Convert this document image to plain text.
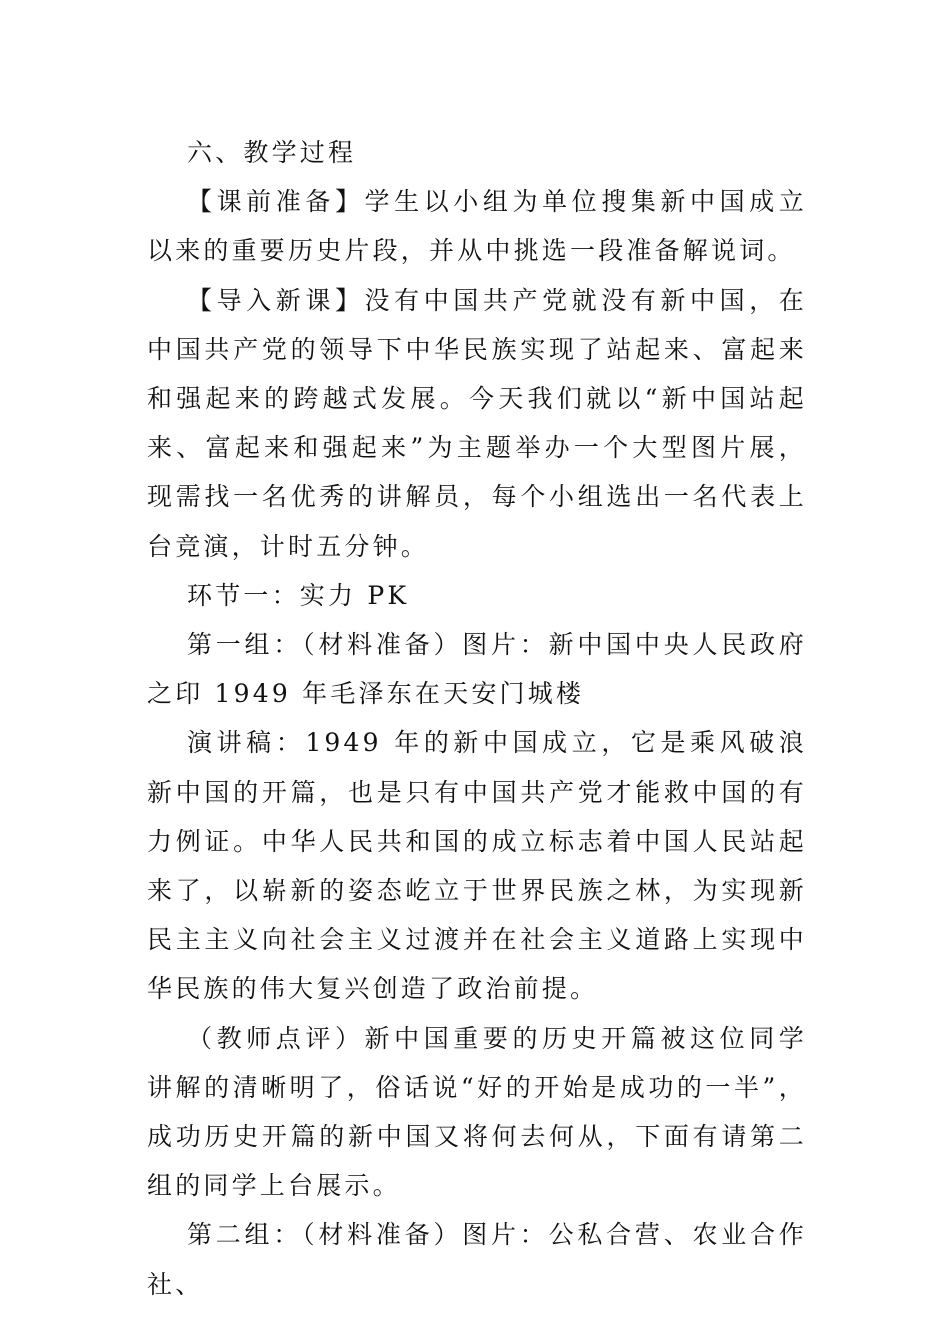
六、教学过程

【课前准备】学生以小组为单位搜集新中国成立以来的重要历史片段，并从中挑选一段准备解说词。

【导入新课】没有中国共产党就没有新中国，在中国共产党的领导下中华民族实现了站起来、富起来和强起来的跨越式发展。今天我们就以“新中国站起来、富起来和强起来”为主题举办一个大型图片展，现需找一名优秀的讲解员，每个小组选出一名代表上台竞演，计时五分钟。

环节一：实力 PK

第一组：（材料准备）图片：新中国中央人民政府之印 1949 年毛泽东在天安门城楼

演讲稿：1949 年的新中国成立，它是乘风破浪新中国的开篇，也是只有中国共产党才能救中国的有力例证。中华人民共和国的成立标志着中国人民站起来了，以崭新的姿态屹立于世界民族之林，为实现新民主主义向社会主义过渡并在社会主义道路上实现中华民族的伟大复兴创造了政治前提。

（教师点评）新中国重要的历史开篇被这位同学讲解的清晰明了，俗话说“好的开始是成功的一半”，成功历史开篇的新中国又将何去何从，下面有请第二组的同学上台展示。

第二组：（材料准备）图片：公私合营、农业合作社、
